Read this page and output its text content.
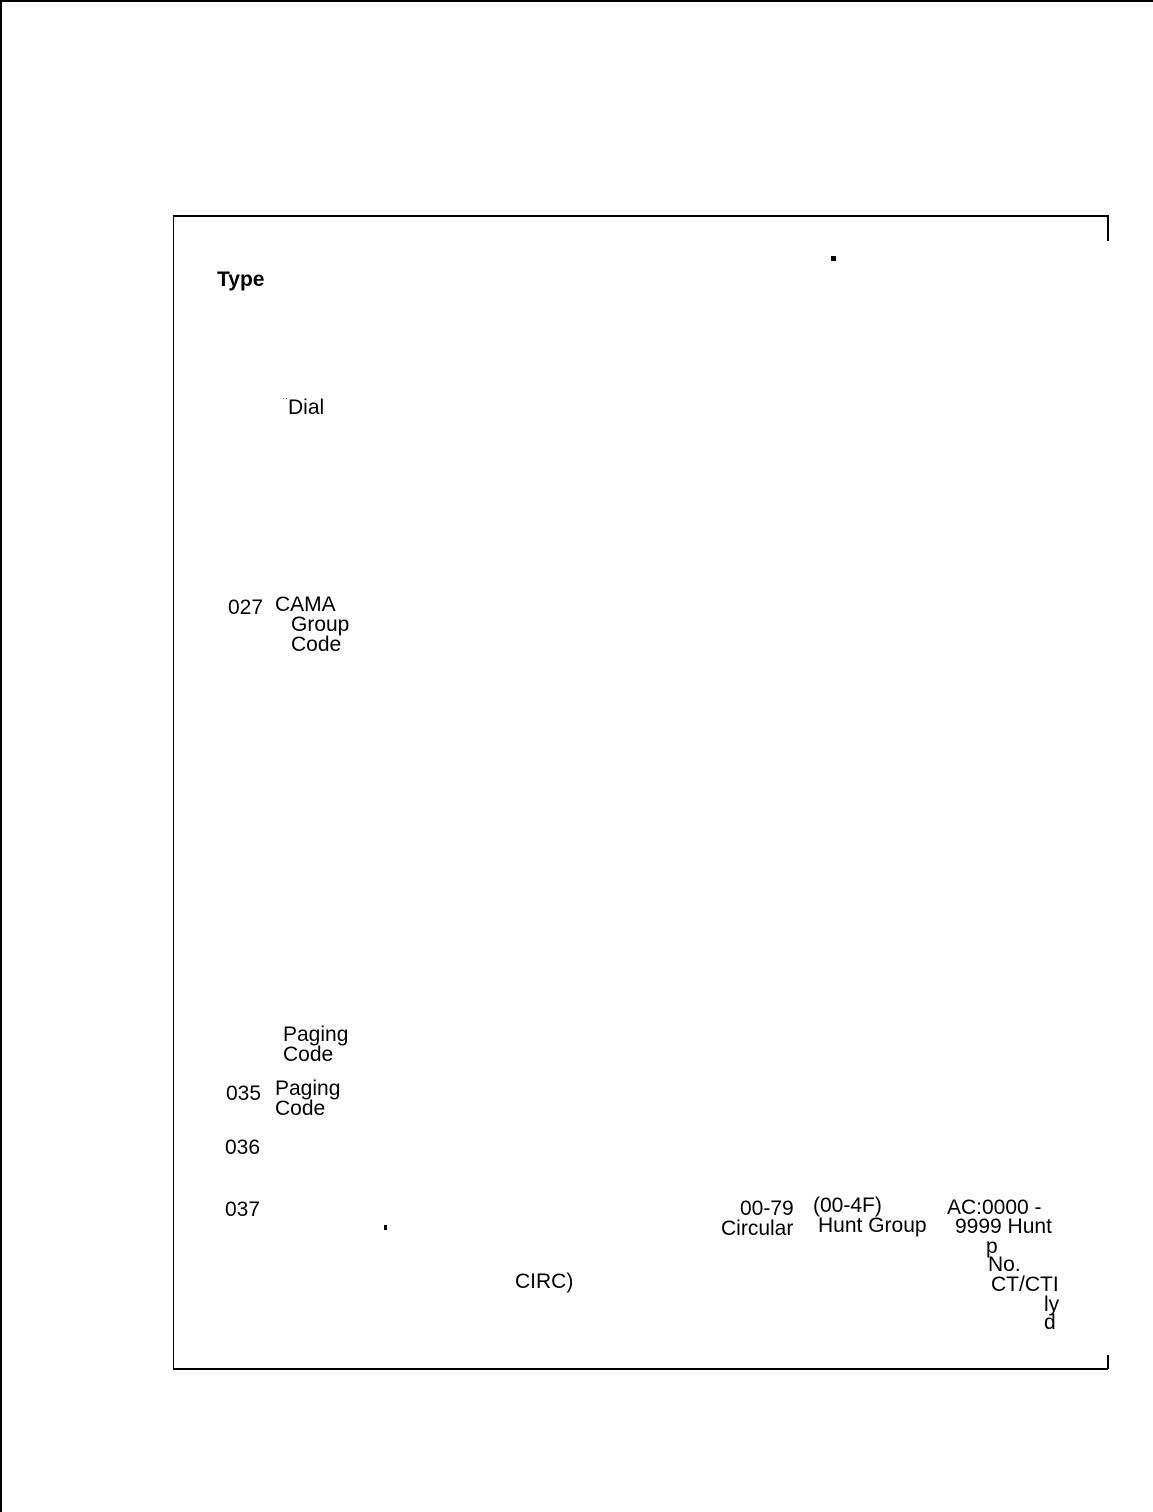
Type
‥ Dial
027 CAMA
Group
Code
Paging
Code
035 Paging
Code
036
037
CIRC)
00-79
Circular
(00-4F)
Hunt Group
AC:0000 -
9999 Hunt
p
No.
CT/CTI
ly
d
